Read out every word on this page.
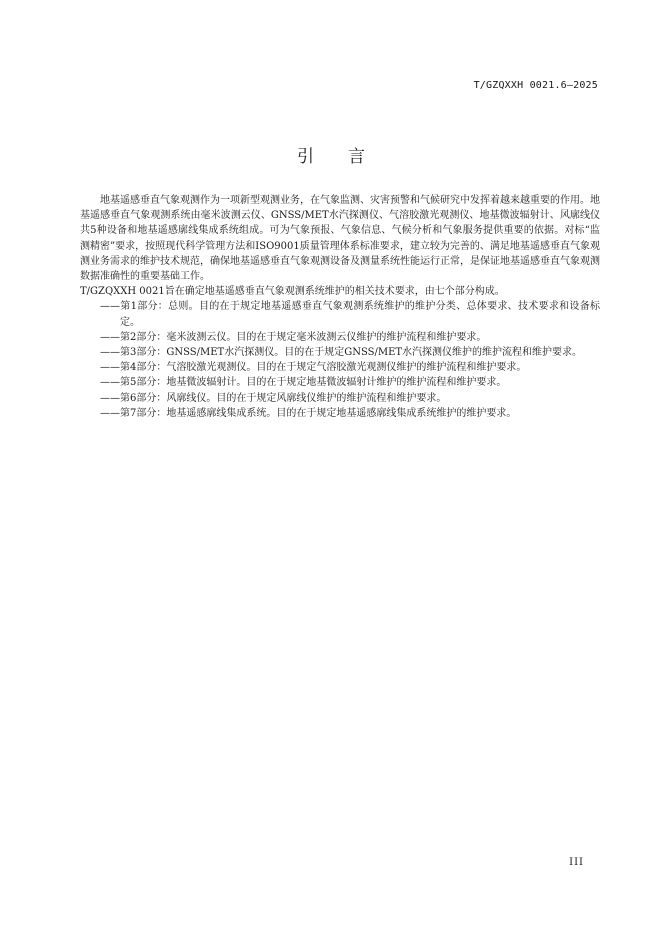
T/GZQXXH 0021.6—2025
引言

地基遥感垂直气象观测作为一项新型观测业务，在气象监测、灾害预警和气候研究中发挥着越来越重要的作用。地基遥感垂直气象观测系统由毫米波测云仪、GNSS/MET水汽探测仪、气溶胶激光观测仪、地基微波辐射计、风廓线仪共5种设备和地基遥感廓线集成系统组成。可为气象预报、气象信息、气候分析和气象服务提供重要的依据。对标“监测精密”要求，按照现代科学管理方法和ISO9001质量管理体系标准要求，建立较为完善的、满足地基遥感垂直气象观测业务需求的维护技术规范，确保地基遥感垂直气象观测设备及测量系统性能运行正常，是保证地基遥感垂直气象观测数据准确性的重要基础工作。

T/GZQXXH 0021旨在确定地基遥感垂直气象观测系统维护的相关技术要求，由七个部分构成。

——第1部分：总则。目的在于规定地基遥感垂直气象观测系统维护的维护分类、总体要求、技术要求和设备标定。
——第2部分：毫米波测云仪。目的在于规定毫米波测云仪维护的维护流程和维护要求。
——第3部分：GNSS/MET水汽探测仪。目的在于规定GNSS/MET水汽探测仪维护的维护流程和维护要求。
——第4部分：气溶胶激光观测仪。目的在于规定气溶胶激光观测仪维护的维护流程和维护要求。
——第5部分：地基微波辐射计。目的在于规定地基微波辐射计维护的维护流程和维护要求。
——第6部分：风廓线仪。目的在于规定风廓线仪维护的维护流程和维护要求。
——第7部分：地基遥感廓线集成系统。目的在于规定地基遥感廓线集成系统维护的维护要求。
III
